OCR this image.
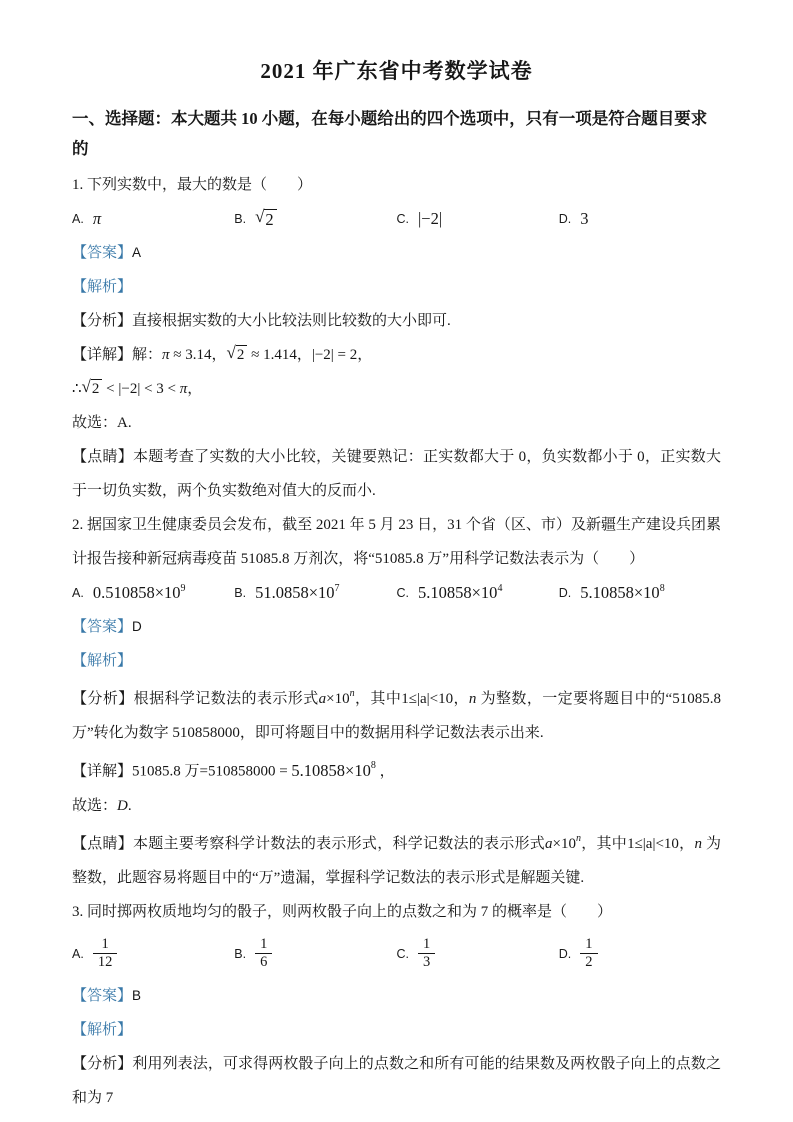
2021 年广东省中考数学试卷
一、选择题：本大题共 10 小题，在每小题给出的四个选项中，只有一项是符合题目要求的

1. 下列实数中，最大的数是（　　）

A. π	B. √ 2	C. |−2|	D. 3

【答案】A

【解析】

【分析】直接根据实数的大小比较法则比较数的大小即可.

【详解】解：π ≈ 3.14， √ 2 ≈ 1.414，|−2| = 2，

∴ √ 2 < |−2| < 3 < π，

故选：A.

【点睛】本题考查了实数的大小比较，关键要熟记：正实数都大于 0，负实数都小于 0，正实数大于一切负实数，两个负实数绝对值大的反而小.

2. 据国家卫生健康委员会发布，截至 2021 年 5 月 23 日，31 个省（区、市）及新疆生产建设兵团累计报告接种新冠病毒疫苗 51085.8 万剂次，将“51085.8 万”用科学记数法表示为（　　）

A. $0.510858\times 10^9$	B. $51.0858\times 10^7$	C. $5.10858\times 10^4$	D. $5.10858\times 10^8$

【答案】D

【解析】

【分析】根据科学记数法的表示形式$a\times 10^n$，其中1≤|a|<10，n 为整数，一定要将题目中的“51085.8 万”转化为数字 510858000，即可将题目中的数据用科学记数法表示出来.

【详解】51085.8 万$=510858000 = 5.10858\times 10^8$ ，

故选：D.

【点睛】本题主要考察科学计数法的表示形式，科学记数法的表示形式$a\times 10^n$，其中1≤|a|<10，n 为整数，此题容易将题目中的“万”遗漏，掌握科学记数法的表示形式是解题关键.

3. 同时掷两枚质地均匀的骰子，则两枚骰子向上的点数之和为 7 的概率是（　　）

A. $\frac{1}{12}$	B. $\frac{1}{6}$	C. $\frac{1}{3}$	D. $\frac{1}{2}$

【答案】B

【解析】

【分析】利用列表法，可求得两枚骰子向上的点数之和所有可能的结果数及两枚骰子向上的点数之和为 7
